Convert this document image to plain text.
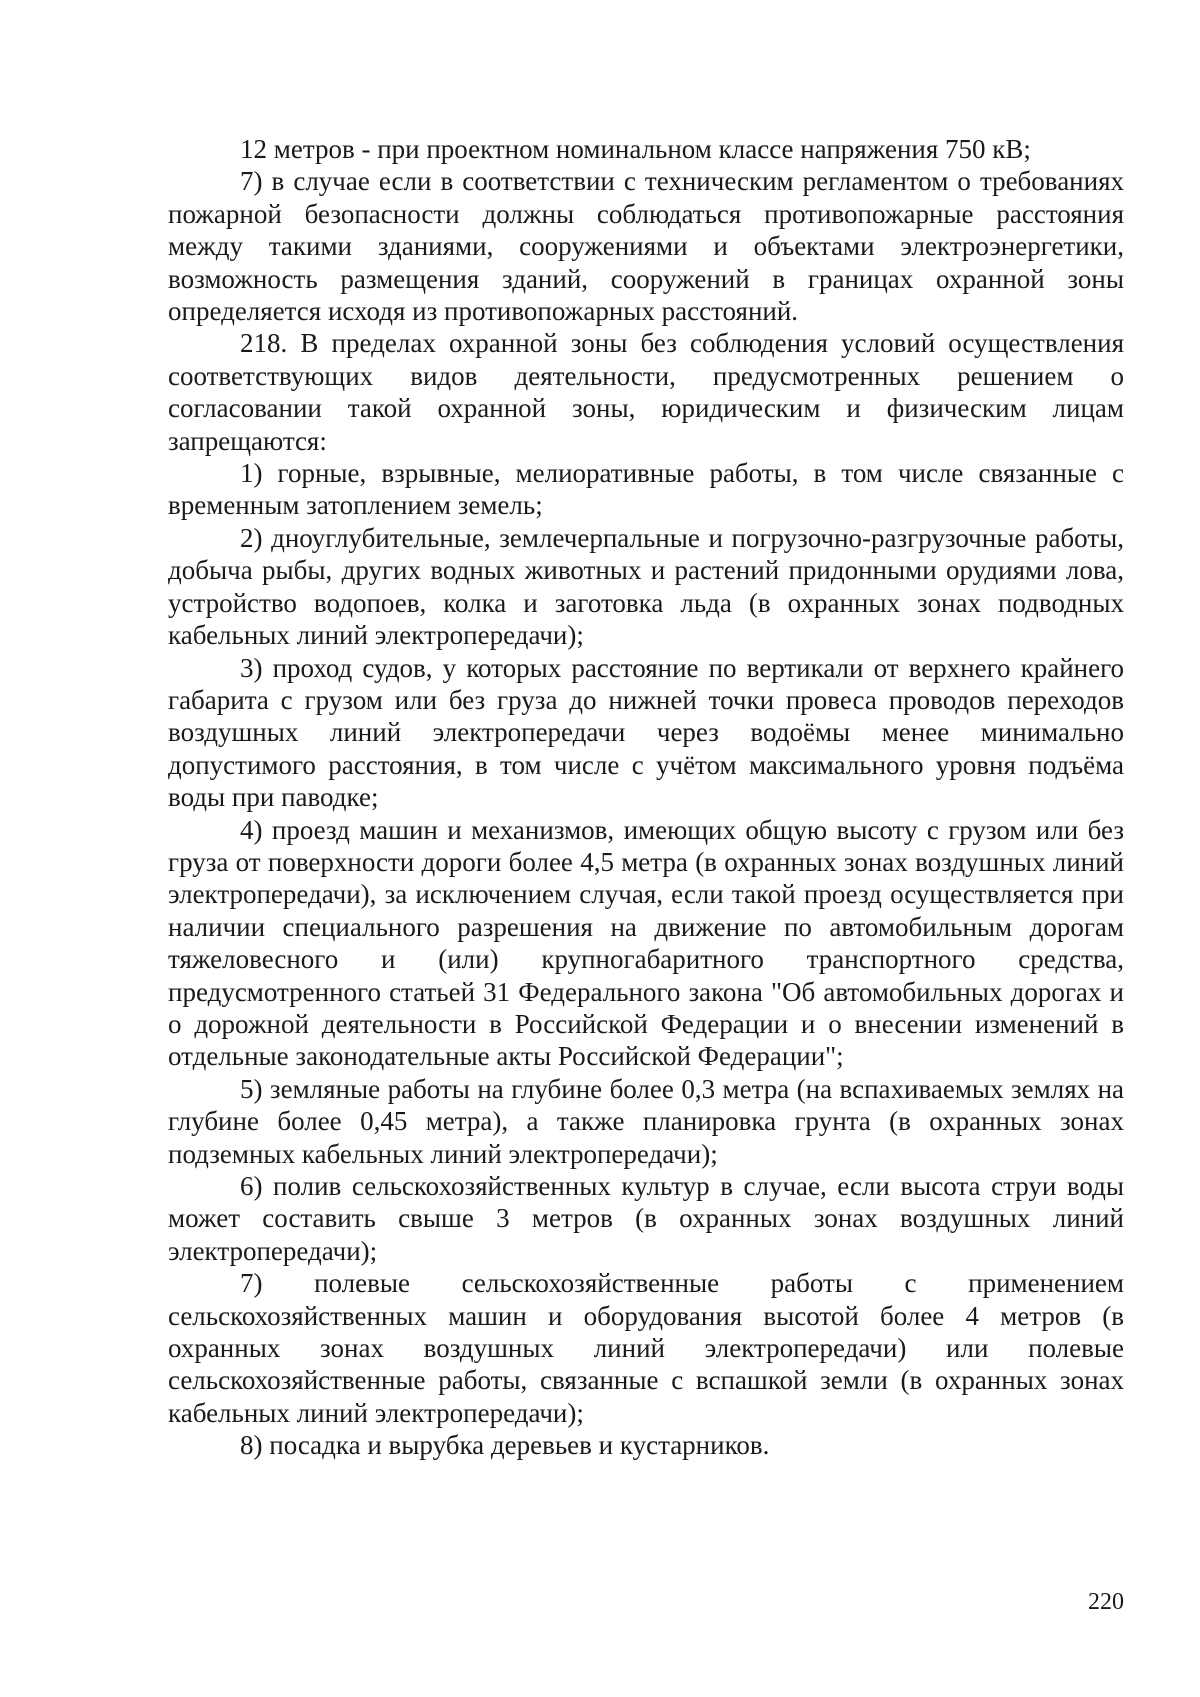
12 метров - при проектном номинальном классе напряжения 750 кВ;

7) в случае если в соответствии с техническим регламентом о требованиях пожарной безопасности должны соблюдаться противопожарные расстояния между такими зданиями, сооружениями и объектами электроэнергетики, возможность размещения зданий, сооружений в границах охранной зоны определяется исходя из противопожарных расстояний.

218. В пределах охранной зоны без соблюдения условий осуществления соответствующих видов деятельности, предусмотренных решением о согласовании такой охранной зоны, юридическим и физическим лицам запрещаются:

1) горные, взрывные, мелиоративные работы, в том числе связанные с временным затоплением земель;

2) дноуглубительные, землечерпальные и погрузочно-разгрузочные работы, добыча рыбы, других водных животных и растений придонными орудиями лова, устройство водопоев, колка и заготовка льда (в охранных зонах подводных кабельных линий электропередачи);

3) проход судов, у которых расстояние по вертикали от верхнего крайнего габарита с грузом или без груза до нижней точки провеса проводов переходов воздушных линий электропередачи через водоёмы менее минимально допустимого расстояния, в том числе с учётом максимального уровня подъёма воды при паводке;

4) проезд машин и механизмов, имеющих общую высоту с грузом или без груза от поверхности дороги более 4,5 метра (в охранных зонах воздушных линий электропередачи), за исключением случая, если такой проезд осуществляется при наличии специального разрешения на движение по автомобильным дорогам тяжеловесного и (или) крупногабаритного транспортного средства, предусмотренного статьей 31 Федерального закона "Об автомобильных дорогах и о дорожной деятельности в Российской Федерации и о внесении изменений в отдельные законодательные акты Российской Федерации";

5) земляные работы на глубине более 0,3 метра (на вспахиваемых землях на глубине более 0,45 метра), а также планировка грунта (в охранных зонах подземных кабельных линий электропередачи);

6) полив сельскохозяйственных культур в случае, если высота струи воды может составить свыше 3 метров (в охранных зонах воздушных линий электропередачи);

7) полевые сельскохозяйственные работы с применением сельскохозяйственных машин и оборудования высотой более 4 метров (в охранных зонах воздушных линий электропередачи) или полевые сельскохозяйственные работы, связанные с вспашкой земли (в охранных зонах кабельных линий электропередачи);

8) посадка и вырубка деревьев и кустарников.

220
